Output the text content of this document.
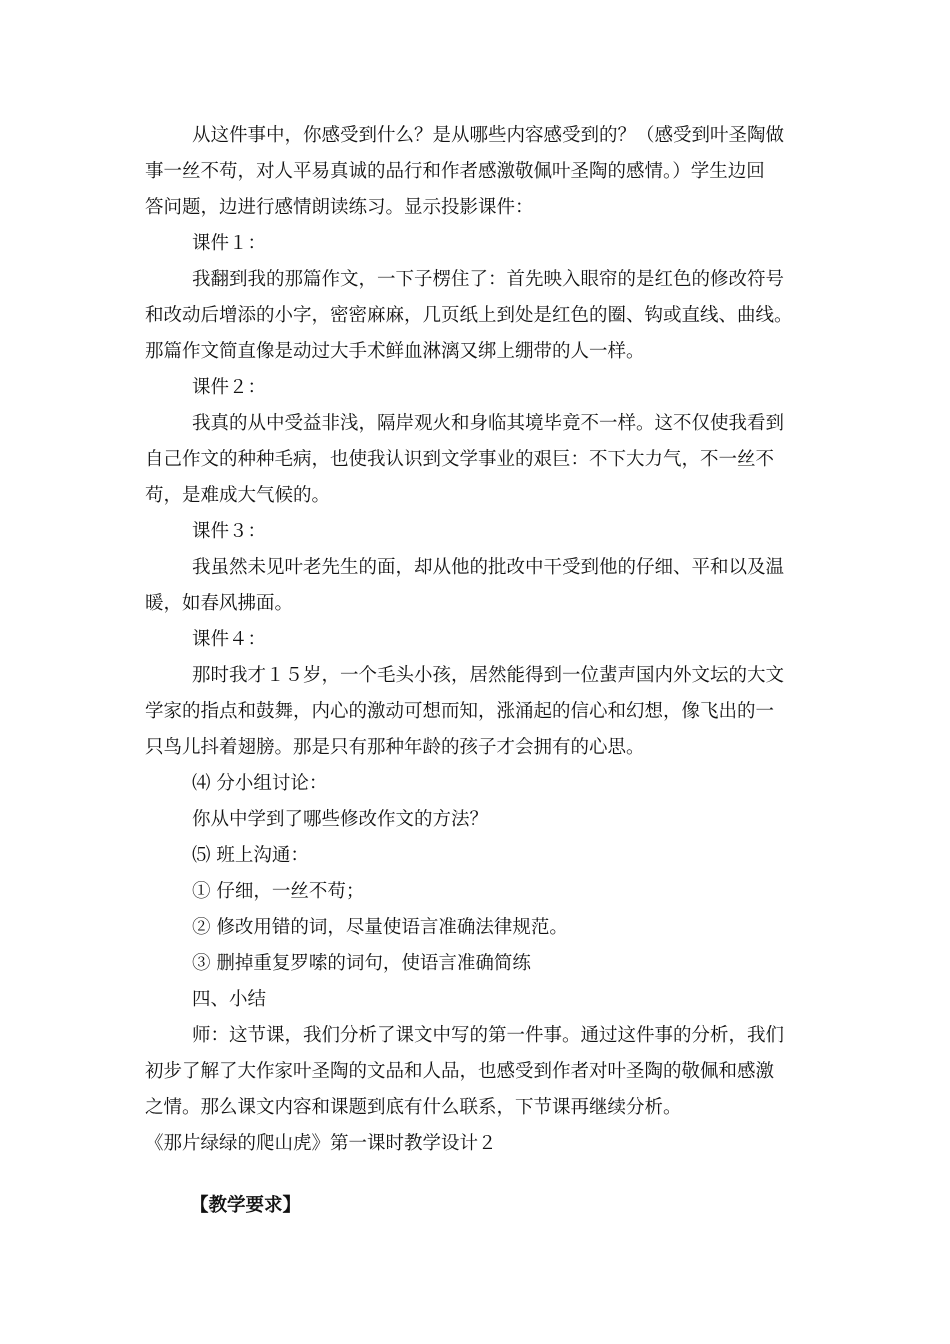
从这件事中，你感受到什么？是从哪些内容感受到的？（感受到叶圣陶做
事一丝不苟，对人平易真诚的品行和作者感激敬佩叶圣陶的感情。）学生边回
答问题，边进行感情朗读练习。显示投影课件：
课件１：
我翻到我的那篇作文，一下子楞住了：首先映入眼帘的是红色的修改符号
和改动后增添的小字，密密麻麻，几页纸上到处是红色的圈、钩或直线、曲线。
那篇作文简直像是动过大手术鲜血淋漓又绑上绷带的人一样。
课件２：
我真的从中受益非浅，隔岸观火和身临其境毕竟不一样。这不仅使我看到
自己作文的种种毛病，也使我认识到文学事业的艰巨：不下大力气，不一丝不
苟，是难成大气候的。
课件３：
我虽然未见叶老先生的面，却从他的批改中干受到他的仔细、平和以及温
暖，如春风拂面。
课件４：
那时我才１５岁，一个毛头小孩，居然能得到一位蜚声国内外文坛的大文
学家的指点和鼓舞，内心的激动可想而知，涨涌起的信心和幻想，像飞出的一
只鸟儿抖着翅膀。那是只有那种年龄的孩子才会拥有的心思。
⑷ 分小组讨论：
你从中学到了哪些修改作文的方法？
⑸ 班上沟通：
① 仔细，一丝不苟；
② 修改用错的词，尽量使语言准确法律规范。
③ 删掉重复罗嗦的词句，使语言准确简练
四、小结
师：这节课，我们分析了课文中写的第一件事。通过这件事的分析，我们
初步了解了大作家叶圣陶的文品和人品，也感受到作者对叶圣陶的敬佩和感激
之情。那么课文内容和课题到底有什么联系，下节课再继续分析。
《那片绿绿的爬山虎》第一课时教学设计２
【教学要求】
